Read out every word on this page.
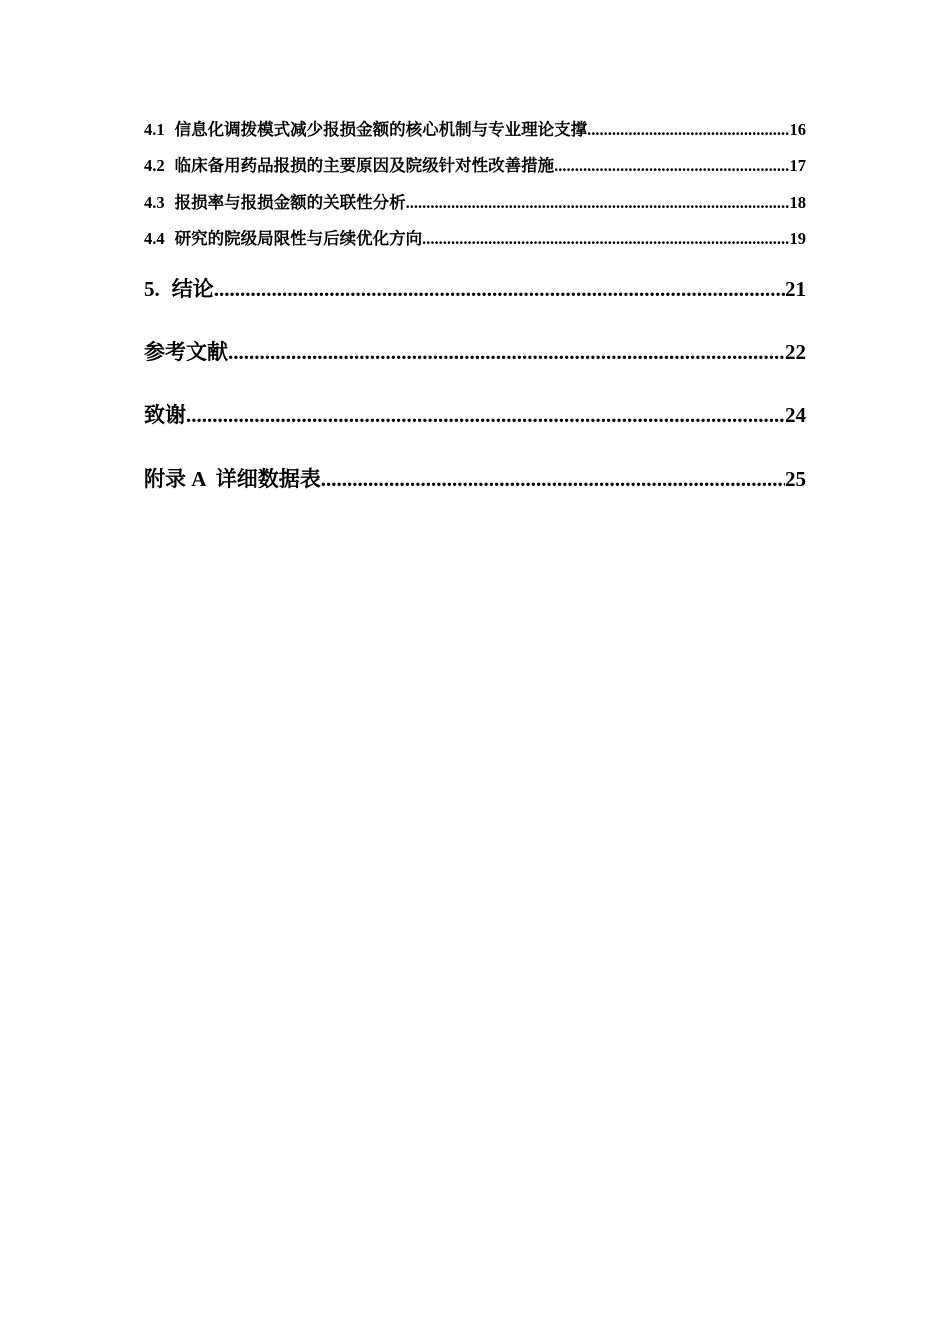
4.1 信息化调拨模式减少报损金额的核心机制与专业理论支撑 .....	16
4.2 临床备用药品报损的主要原因及院级针对性改善措施 .....	17
4.3 报损率与报损金额的关联性分析 .....	18
4.4 研究的院级局限性与后续优化方向 .....	19
5. 结论 .....	21
参考文献 .....	22
致谢 .....	24
附录 A  详细数据表 .....	25
